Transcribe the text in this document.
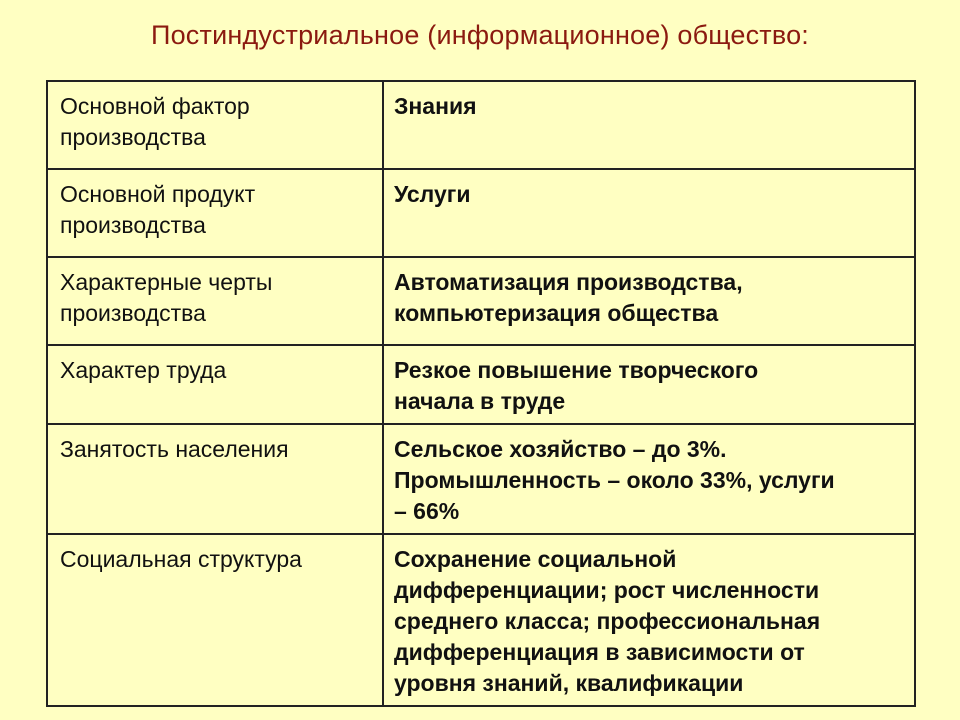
Постиндустриальное (информационное) общество:
Основной фактор
производства	Знания

Основной продукт
производства	Услуги

Характерные черты
производства	Автоматизация производства,
компьютеризация общества

Характер труда	Резкое повышение творческого
начала в труде

Занятость населения	Сельское хозяйство – до 3%.
Промышленность – около 33%, услуги
– 66%

Социальная структура	Сохранение социальной
дифференциации; рост численности
среднего класса; профессиональная
дифференциация в зависимости от
уровня знаний, квалификации
